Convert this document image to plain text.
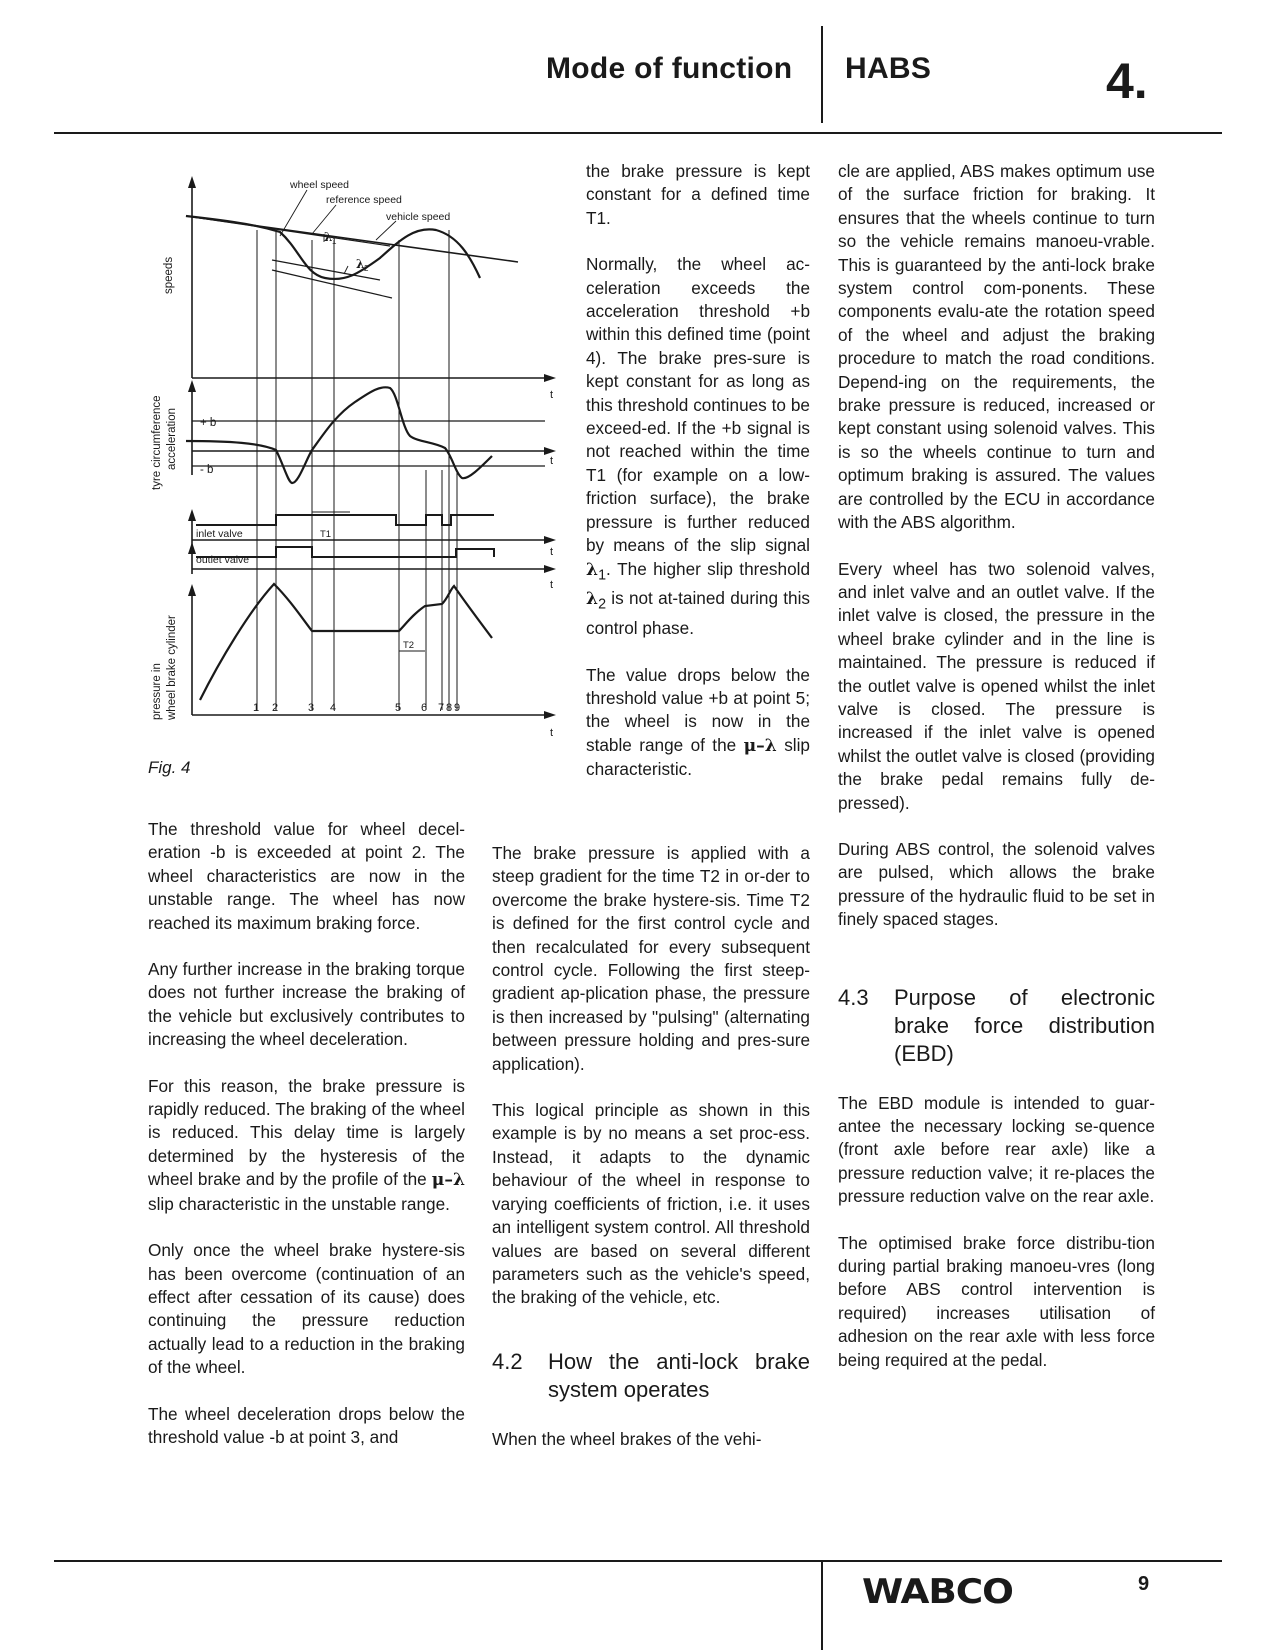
Mode of function HABS	4.
wheel speed
reference speed
vehicle speed
λ 1
λ 2
speeds
tyre circumference acceleration + b
- b
inlet valve
outlet valve
T1
T2
pressure in wheel brake cylinder
t
t
t
t
t
1 2	3 4	5 6 7 8 9
Fig. 4

The threshold value for wheel decel-eration -b is exceeded at point 2. The wheel characteristics are now in the unstable range. The wheel has now reached its maximum braking force.

Any further increase in the braking torque does not further increase the braking of the vehicle but exclusively contributes to increasing the wheel deceleration.

For this reason, the brake pressure is rapidly reduced. The braking of the wheel is reduced. This delay time is largely determined by the hysteresis of the wheel brake and by the profile of the μ–λ slip characteristic in the unstable range.

Only once the wheel brake hystere-sis has been overcome (continuation of an effect after cessation of its cause) does continuing the pressure reduction actually lead to a reduction in the braking of the wheel.

The wheel deceleration drops below the threshold value -b at point 3, and

the brake pressure is kept constant for a defined time T1.

Normally, the wheel ac-celeration exceeds the acceleration threshold +b within this defined time (point 4). The brake pres-sure is kept constant for as long as this threshold continues to be exceed-ed. If the +b signal is not reached within the time T1 (for example on a low-friction surface), the brake pressure is further reduced by means of the slip signal $\lambda_1$. The higher slip threshold $\lambda_2$ is not at-tained during this control phase.

The value drops below the threshold value +b at point 5; the wheel is now in the stable range of the μ–λ slip characteristic.

The brake pressure is applied with a steep gradient for the time T2 in or-der to overcome the brake hystere-sis. Time T2 is defined for the first control cycle and then recalculated for every subsequent control cycle. Following the first steep-gradient ap-plication phase, the pressure is then increased by "pulsing" (alternating between pressure holding and pres-sure application).

This logical principle as shown in this example is by no means a set proc-ess. Instead, it adapts to the dynamic behaviour of the wheel in response to varying coefficients of friction, i.e. it uses an intelligent system control. All threshold values are based on several different parameters such as the vehicle's speed, the braking of the vehicle, etc.

4.2	How the anti-lock brake system operates

When the wheel brakes of the vehi-

cle are applied, ABS makes optimum use of the surface friction for braking. It ensures that the wheels continue to turn so the vehicle remains manoeu-vrable. This is guaranteed by the anti-lock brake system control com-ponents. These components evalu-ate the rotation speed of the wheel and adjust the braking procedure to match the road conditions. Depend-ing on the requirements, the brake pressure is reduced, increased or kept constant using solenoid valves. This is so the wheels continue to turn and optimum braking is assured. The values are controlled by the ECU in accordance with the ABS algorithm.

Every wheel has two solenoid valves, and inlet valve and an outlet valve. If the inlet valve is closed, the pressure in the wheel brake cylinder and in the line is maintained. The pressure is reduced if the outlet valve is opened whilst the inlet valve is closed. The pressure is increased if the inlet valve is opened whilst the outlet valve is closed (providing the brake pedal remains fully de-pressed).

During ABS control, the solenoid valves are pulsed, which allows the brake pressure of the hydraulic fluid to be set in finely spaced stages.

4.3	Purpose of electronic brake force distribution (EBD)

The EBD module is intended to guar-antee the necessary locking se-quence (front axle before rear axle) like a pressure reduction valve; it re-places the pressure reduction valve on the rear axle.

The optimised brake force distribu-tion during partial braking manoeu-vres (long before ABS control intervention is required) increases utilisation of adhesion on the rear axle with less force being required at the pedal.

WABCO	9
